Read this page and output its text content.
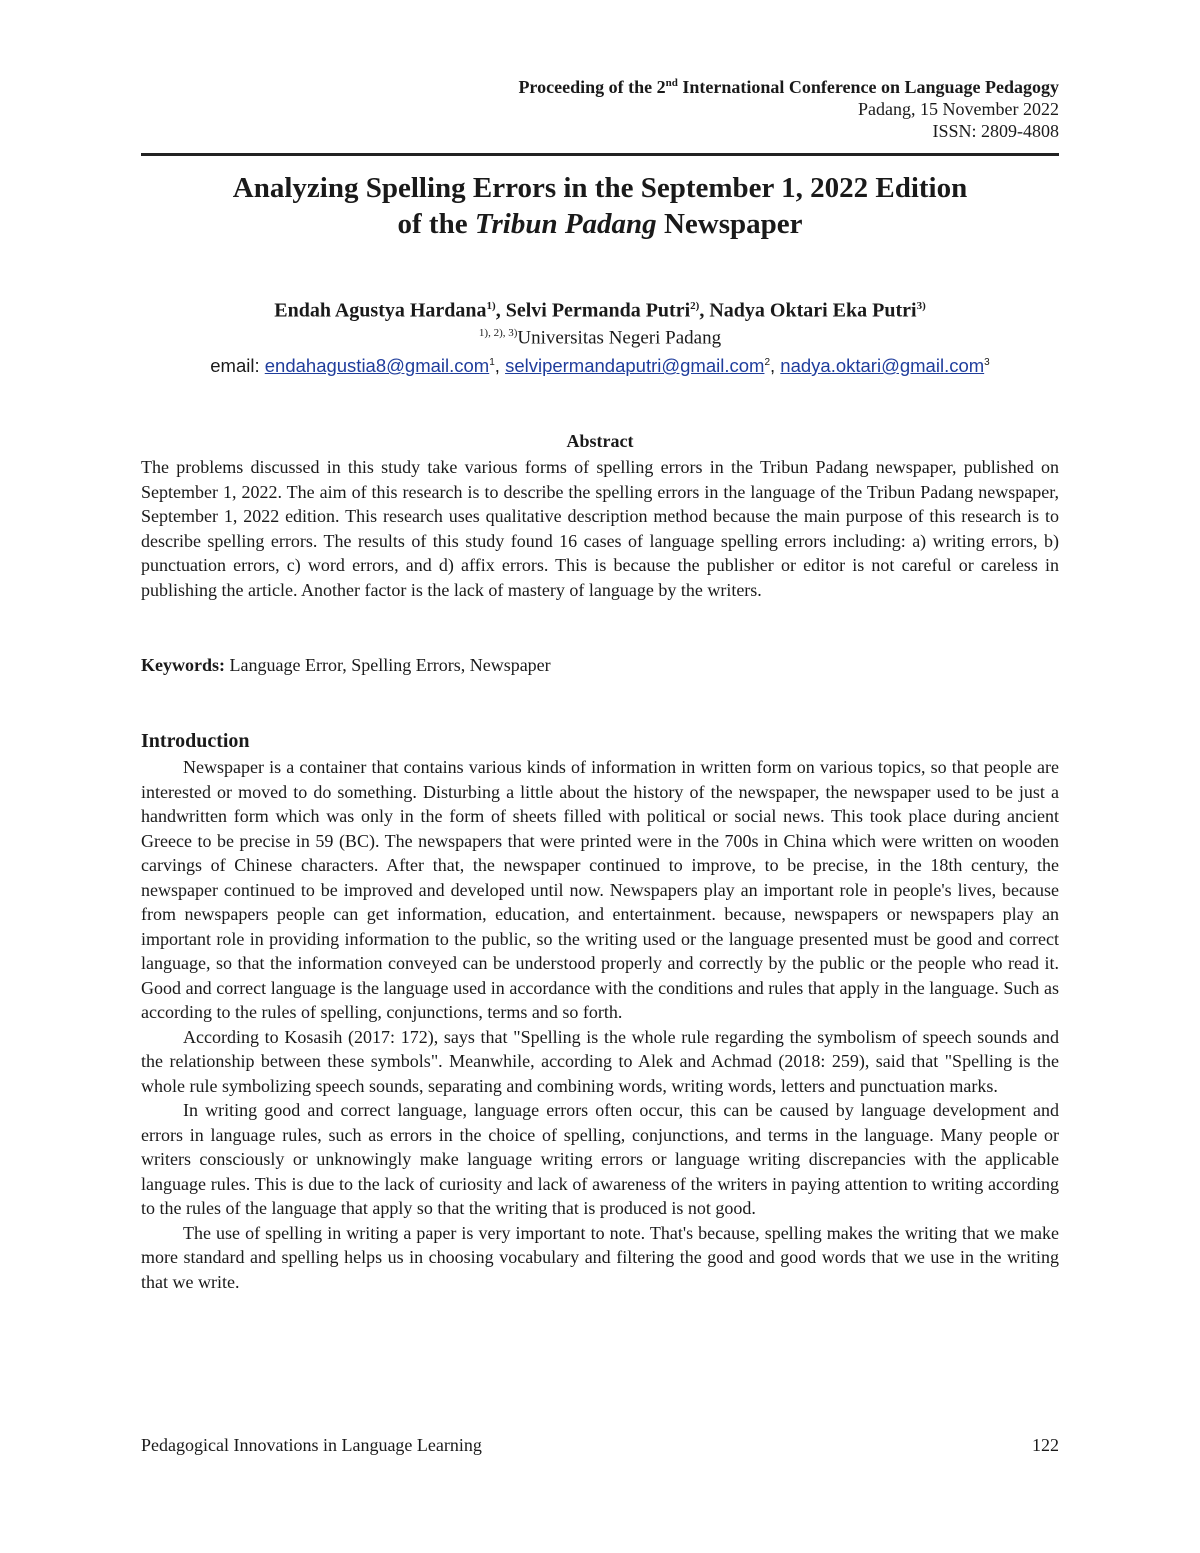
Proceeding of the 2nd International Conference on Language Pedagogy
Padang, 15 November 2022
ISSN: 2809-4808
Analyzing Spelling Errors in the September 1, 2022 Edition
of the Tribun Padang Newspaper
Endah Agustya Hardana$^{1)}$, Selvi Permanda Putri$^{2)}$, Nadya Oktari Eka Putri$^{3)}$
$^{1), 2), 3)}$Universitas Negeri Padang
email: endahagustia8@gmail.com$^1$, selvipermandaputri@gmail.com$^2$, nadya.oktari@gmail.com$^3$
Abstract
The problems discussed in this study take various forms of spelling errors in the Tribun Padang newspaper, published on September 1, 2022. The aim of this research is to describe the spelling errors in the language of the Tribun Padang newspaper, September 1, 2022 edition. This research uses qualitative description method because the main purpose of this research is to describe spelling errors. The results of this study found 16 cases of language spelling errors including: a) writing errors, b) punctuation errors, c) word errors, and d) affix errors. This is because the publisher or editor is not careful or careless in publishing the article. Another factor is the lack of mastery of language by the writers.
Keywords: Language Error, Spelling Errors, Newspaper
Introduction

Newspaper is a container that contains various kinds of information in written form on various topics, so that people are interested or moved to do something. Disturbing a little about the history of the newspaper, the newspaper used to be just a handwritten form which was only in the form of sheets filled with political or social news. This took place during ancient Greece to be precise in 59 (BC). The newspapers that were printed were in the 700s in China which were written on wooden carvings of Chinese characters. After that, the newspaper continued to improve, to be precise, in the 18th century, the newspaper continued to be improved and developed until now. Newspapers play an important role in people's lives, because from newspapers people can get information, education, and entertainment. because, newspapers or newspapers play an important role in providing information to the public, so the writing used or the language presented must be good and correct language, so that the information conveyed can be understood properly and correctly by the public or the people who read it. Good and correct language is the language used in accordance with the conditions and rules that apply in the language. Such as according to the rules of spelling, conjunctions, terms and so forth.

According to Kosasih (2017: 172), says that "Spelling is the whole rule regarding the symbolism of speech sounds and the relationship between these symbols". Meanwhile, according to Alek and Achmad (2018: 259), said that "Spelling is the whole rule symbolizing speech sounds, separating and combining words, writing words, letters and punctuation marks.

In writing good and correct language, language errors often occur, this can be caused by language development and errors in language rules, such as errors in the choice of spelling, conjunctions, and terms in the language. Many people or writers consciously or unknowingly make language writing errors or language writing discrepancies with the applicable language rules. This is due to the lack of curiosity and lack of awareness of the writers in paying attention to writing according to the rules of the language that apply so that the writing that is produced is not good.

The use of spelling in writing a paper is very important to note. That's because, spelling makes the writing that we make more standard and spelling helps us in choosing vocabulary and filtering the good and good words that we use in the writing that we write.

Pedagogical Innovations in Language Learning	122
